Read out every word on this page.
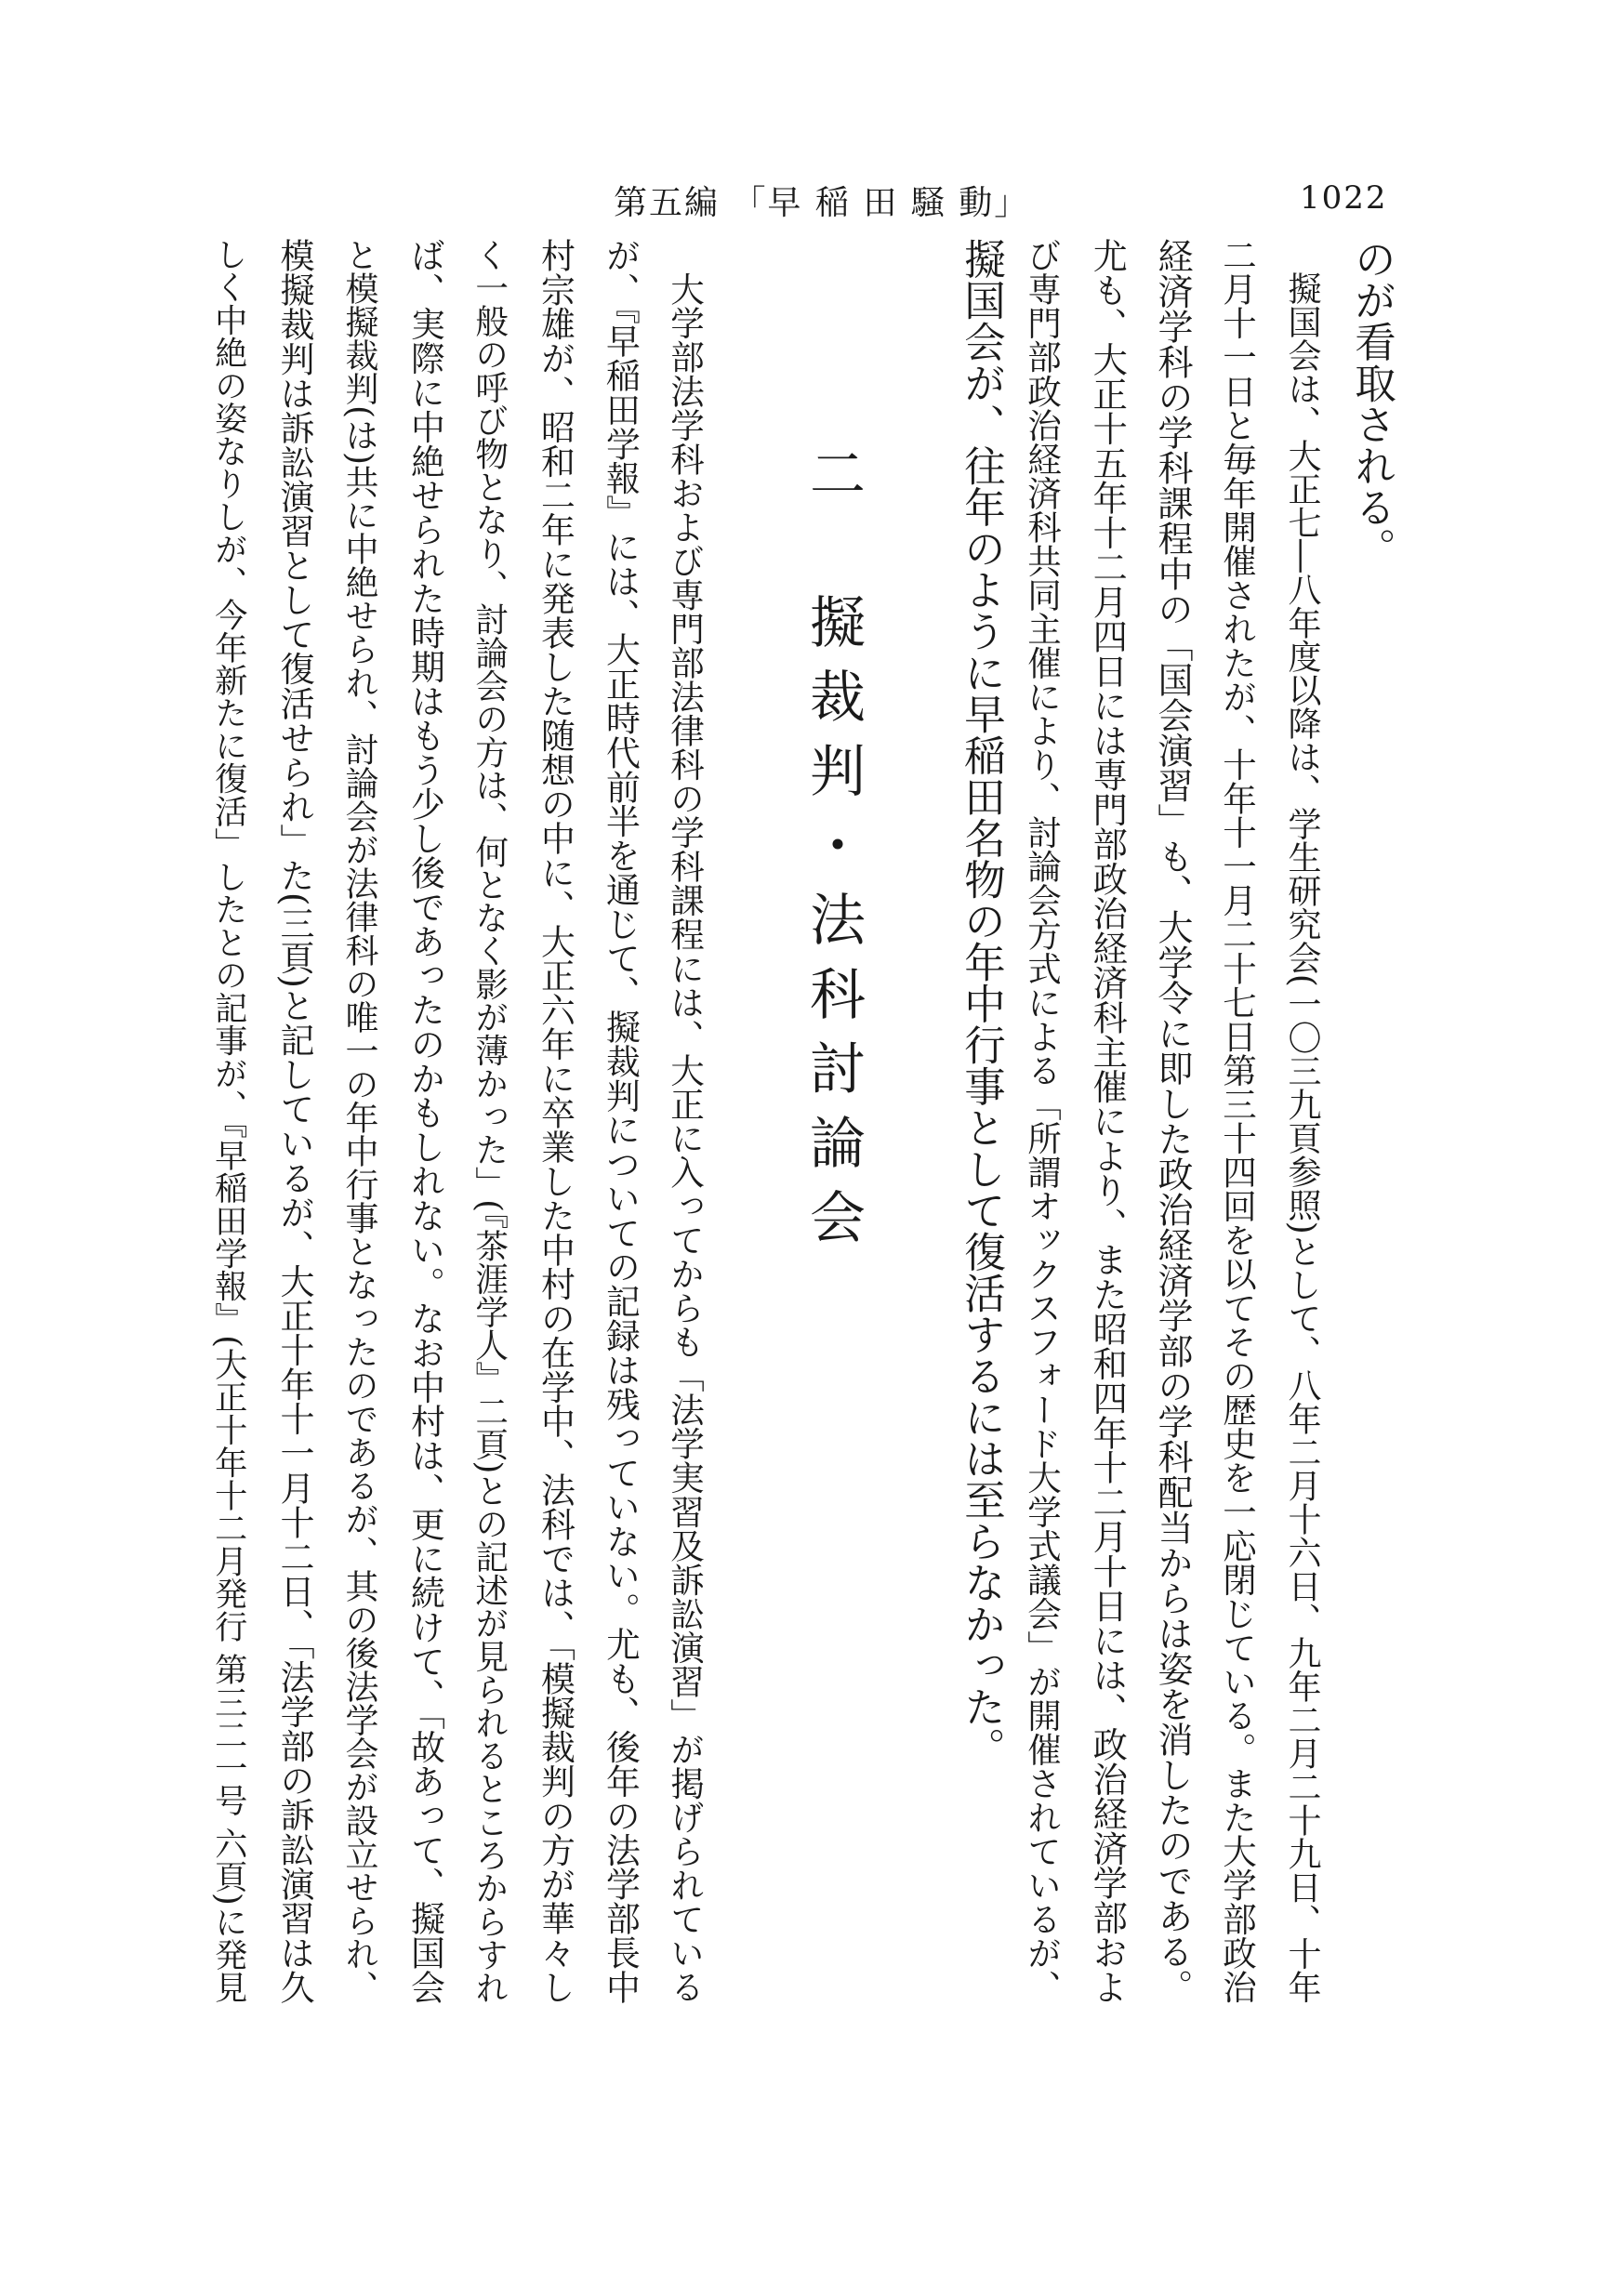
第五編 「早 稲 田 騒 動」	1022
のが看取される。
　擬国会は、大正七―八年度以降は、学生研究会(一〇三九頁参照)として、八年二月十六日、九年二月二十九日、十年
二月十一日と毎年開催されたが、十年十一月二十七日第三十四回を以てその歴史を一応閉じている。また大学部政治
経済学科の学科課程中の「国会演習」も、大学令に即した政治経済学部の学科配当からは姿を消したのである。
尤も、大正十五年十二月四日には専門部政治経済科主催により、また昭和四年十二月十日には、政治経済学部およ
び専門部政治経済科共同主催により、討論会方式による「所謂オックスフォード大学式議会」が開催されているが、
擬国会が、往年のように早稲田名物の年中行事として復活するには至らなかった。
二　擬裁判・法科討論会
　大学部法学科および専門部法律科の学科課程には、大正に入ってからも「法学実習及訴訟演習」が掲げられている
が、『早稲田学報』には、大正時代前半を通じて、擬裁判についての記録は残っていない。尤も、後年の法学部長中
村宗雄が、昭和二年に発表した随想の中に、大正六年に卒業した中村の在学中、法科では、「模擬裁判の方が華々し
く一般の呼び物となり、討論会の方は、何となく影が薄かった」(『茶涯学人』二頁)との記述が見られるところからすれ
ば、実際に中絶せられた時期はもう少し後であったのかもしれない。なお中村は、更に続けて、「故あって、擬国会
と模擬裁判(は)共に中絶せられ、討論会が法律科の唯一の年中行事となったのであるが、其の後法学会が設立せられ、
模擬裁判は訴訟演習として復活せられ」た(三頁)と記しているが、大正十年十一月十二日、「法学部の訴訟演習は久
しく中絶の姿なりしが、今年新たに復活」したとの記事が、『早稲田学報』(大正十年十二月発行 第三二一号 六頁)に発見
